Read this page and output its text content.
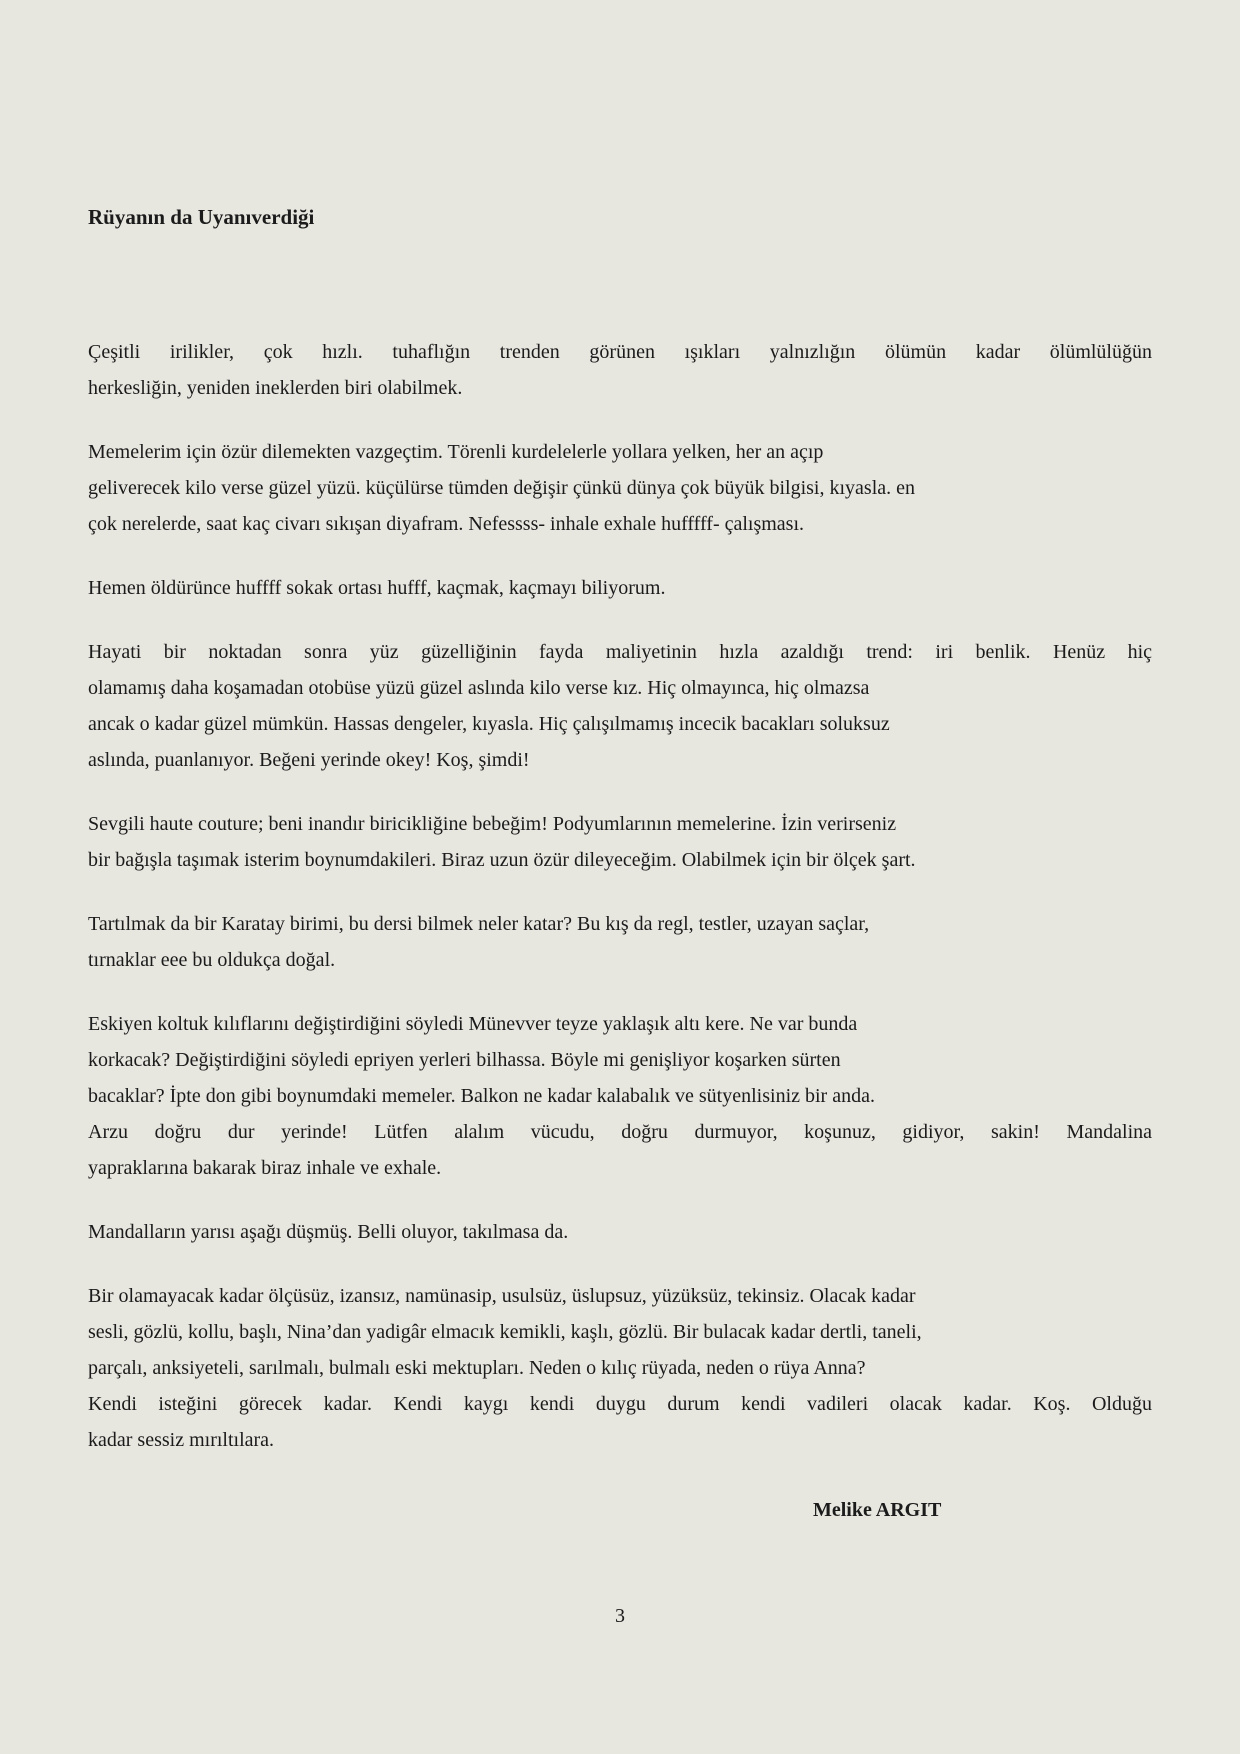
Rüyanın da Uyanıverdiği
Çeşitli irilikler, çok hızlı. tuhaflığın trenden görünen ışıkları yalnızlığın ölümün kadar ölümlülüğün
herkesliğin, yeniden ineklerden biri olabilmek.
Memelerim için özür dilemekten vazgeçtim. Törenli kurdelelerle yollara yelken, her an açıp
geliverecek kilo verse güzel yüzü. küçülürse tümden değişir çünkü dünya çok büyük bilgisi, kıyasla. en
çok nerelerde, saat kaç civarı sıkışan diyafram. Nefessss- inhale exhale hufffff- çalışması.
Hemen öldürünce huffff sokak ortası hufff, kaçmak, kaçmayı biliyorum.
Hayati bir noktadan sonra yüz güzelliğinin fayda maliyetinin hızla azaldığı trend: iri benlik. Henüz hiç
olamamış daha koşamadan otobüse yüzü güzel aslında kilo verse kız. Hiç olmayınca, hiç olmazsa
ancak o kadar güzel mümkün. Hassas dengeler, kıyasla. Hiç çalışılmamış incecik bacakları soluksuz
aslında, puanlanıyor. Beğeni yerinde okey! Koş, şimdi!
Sevgili haute couture; beni inandır biricikliğine bebeğim! Podyumlarının memelerine. İzin verirseniz
bir bağışla taşımak isterim boynumdakileri. Biraz uzun özür dileyeceğim. Olabilmek için bir ölçek şart.
Tartılmak da bir Karatay birimi, bu dersi bilmek neler katar? Bu kış da regl, testler, uzayan saçlar,
tırnaklar eee bu oldukça doğal.
Eskiyen koltuk kılıflarını değiştirdiğini söyledi Münevver teyze yaklaşık altı kere. Ne var bunda
korkacak? Değiştirdiğini söyledi epriyen yerleri bilhassa. Böyle mi genişliyor koşarken sürten
bacaklar? İpte don gibi boynumdaki memeler. Balkon ne kadar kalabalık ve sütyenlisiniz bir anda.
Arzu doğru dur yerinde! Lütfen alalım vücudu, doğru durmuyor, koşunuz, gidiyor, sakin! Mandalina
yapraklarına bakarak biraz inhale ve exhale.
Mandalların yarısı aşağı düşmüş. Belli oluyor, takılmasa da.
Bir olamayacak kadar ölçüsüz, izansız, namünasip, usulsüz, üslupsuz, yüzüksüz, tekinsiz. Olacak kadar
sesli, gözlü, kollu, başlı, Nina’dan yadigâr elmacık kemikli, kaşlı, gözlü. Bir bulacak kadar dertli, taneli,
parçalı, anksiyeteli, sarılmalı, bulmalı eski mektupları. Neden o kılıç rüyada, neden o rüya Anna?
Kendi isteğini görecek kadar. Kendi kaygı kendi duygu durum kendi vadileri olacak kadar. Koş. Olduğu
kadar sessiz mırıltılara.
Melike ARGIT
3
